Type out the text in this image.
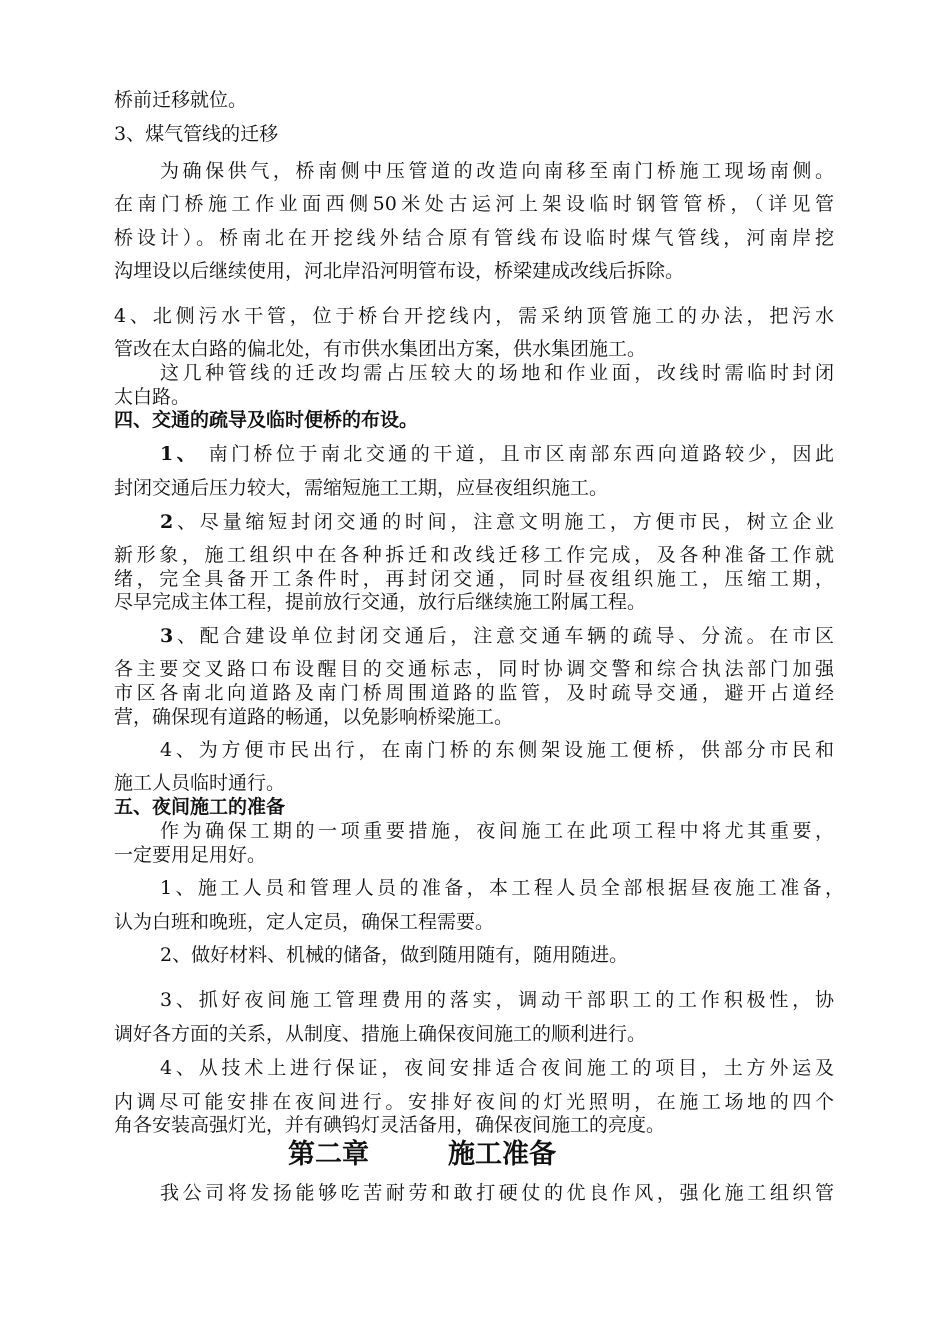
桥前迁移就位。
3、煤气管线的迁移
为确保供气，桥南侧中压管道的改造向南移至南门桥施工现场南侧。
在南门桥施工作业面西侧50米处古运河上架设临时钢管管桥，（详见管
桥设计）。桥南北在开挖线外结合原有管线布设临时煤气管线，河南岸挖
沟埋设以后继续使用，河北岸沿河明管布设，桥梁建成改线后拆除。
4、北侧污水干管，位于桥台开挖线内，需采纳顶管施工的办法，把污水
管改在太白路的偏北处，有市供水集团出方案，供水集团施工。
这几种管线的迁改均需占压较大的场地和作业面，改线时需临时封闭
太白路。
四、交通的疏导及临时便桥的布设。
1、 南门桥位于南北交通的干道，且市区南部东西向道路较少，因此
封闭交通后压力较大，需缩短施工工期，应昼夜组织施工。
2、尽量缩短封闭交通的时间，注意文明施工，方便市民，树立企业
新形象，施工组织中在各种拆迁和改线迁移工作完成，及各种准备工作就
绪，完全具备开工条件时，再封闭交通，同时昼夜组织施工，压缩工期，
尽早完成主体工程，提前放行交通，放行后继续施工附属工程。
3、配合建设单位封闭交通后，注意交通车辆的疏导、分流。在市区
各主要交叉路口布设醒目的交通标志，同时协调交警和综合执法部门加强
市区各南北向道路及南门桥周围道路的监管，及时疏导交通，避开占道经
营，确保现有道路的畅通，以免影响桥梁施工。
4、为方便市民出行，在南门桥的东侧架设施工便桥，供部分市民和
施工人员临时通行。
五、夜间施工的准备
作为确保工期的一项重要措施，夜间施工在此项工程中将尤其重要，
一定要用足用好。
1、施工人员和管理人员的准备，本工程人员全部根据昼夜施工准备，
认为白班和晚班，定人定员，确保工程需要。
2、做好材料、机械的储备，做到随用随有，随用随进。
3、抓好夜间施工管理费用的落实，调动干部职工的工作积极性，协
调好各方面的关系，从制度、措施上确保夜间施工的顺利进行。
4、从技术上进行保证，夜间安排适合夜间施工的项目，土方外运及
内调尽可能安排在夜间进行。安排好夜间的灯光照明，在施工场地的四个
角各安装高强灯光，并有碘钨灯灵活备用，确保夜间施工的亮度。
第二章	施工准备
我公司将发扬能够吃苦耐劳和敢打硬仗的优良作风，强化施工组织管
